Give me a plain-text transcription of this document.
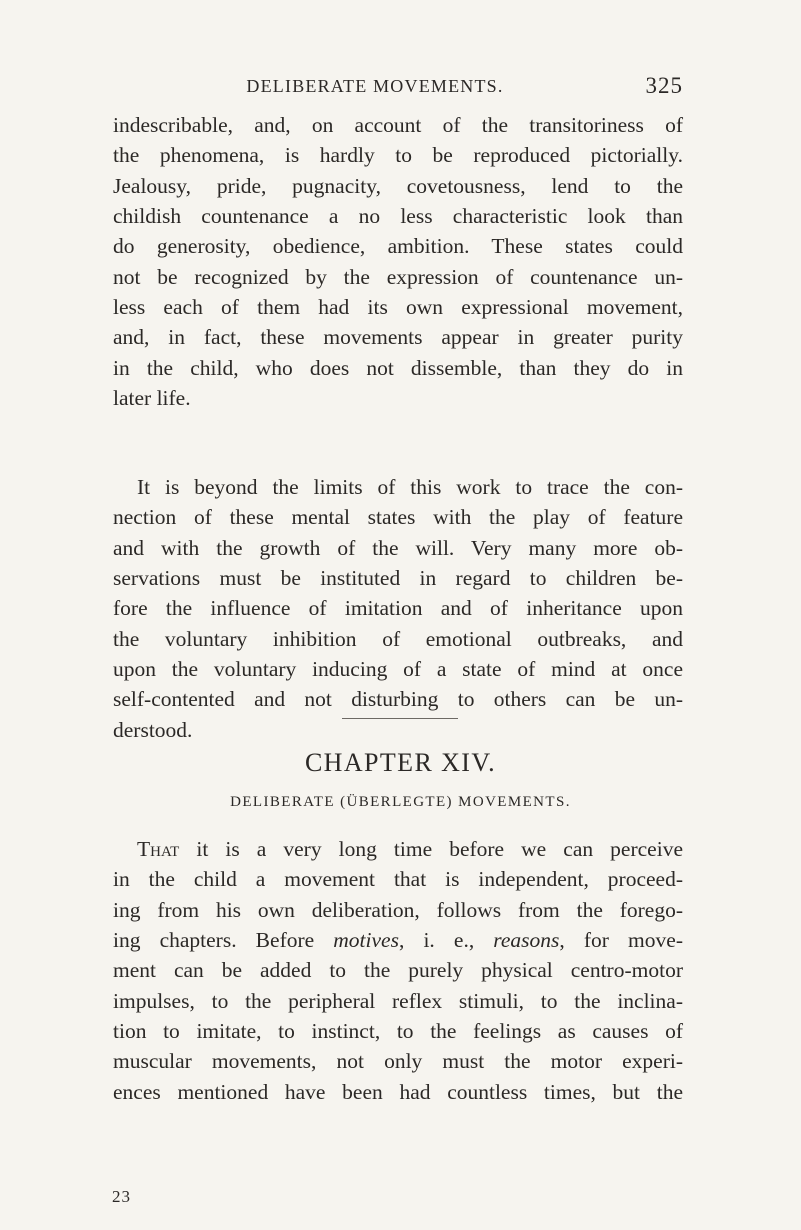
DELIBERATE MOVEMENTS.	325
indescribable, and, on account of the transitoriness of
the phenomena, is hardly to be reproduced pictorially.
Jealousy, pride, pugnacity, covetousness, lend to the
childish countenance a no less characteristic look than
do generosity, obedience, ambition. These states could
not be recognized by the expression of countenance un-
less each of them had its own expressional movement,
and, in fact, these movements appear in greater purity
in the child, who does not dissemble, than they do in
later life.
It is beyond the limits of this work to trace the con-
nection of these mental states with the play of feature
and with the growth of the will. Very many more ob-
servations must be instituted in regard to children be-
fore the influence of imitation and of inheritance upon
the voluntary inhibition of emotional outbreaks, and
upon the voluntary inducing of a state of mind at once
self-contented and not disturbing to others can be un-
derstood.
CHAPTER XIV.
DELIBERATE (ÜBERLEGTE) MOVEMENTS.
That it is a very long time before we can perceive
in the child a movement that is independent, proceed-
ing from his own deliberation, follows from the forego-
ing chapters. Before motives, i. e., reasons, for move-
ment can be added to the purely physical centro-motor
impulses, to the peripheral reflex stimuli, to the inclina-
tion to imitate, to instinct, to the feelings as causes of
muscular movements, not only must the motor experi-
ences mentioned have been had countless times, but the
23
